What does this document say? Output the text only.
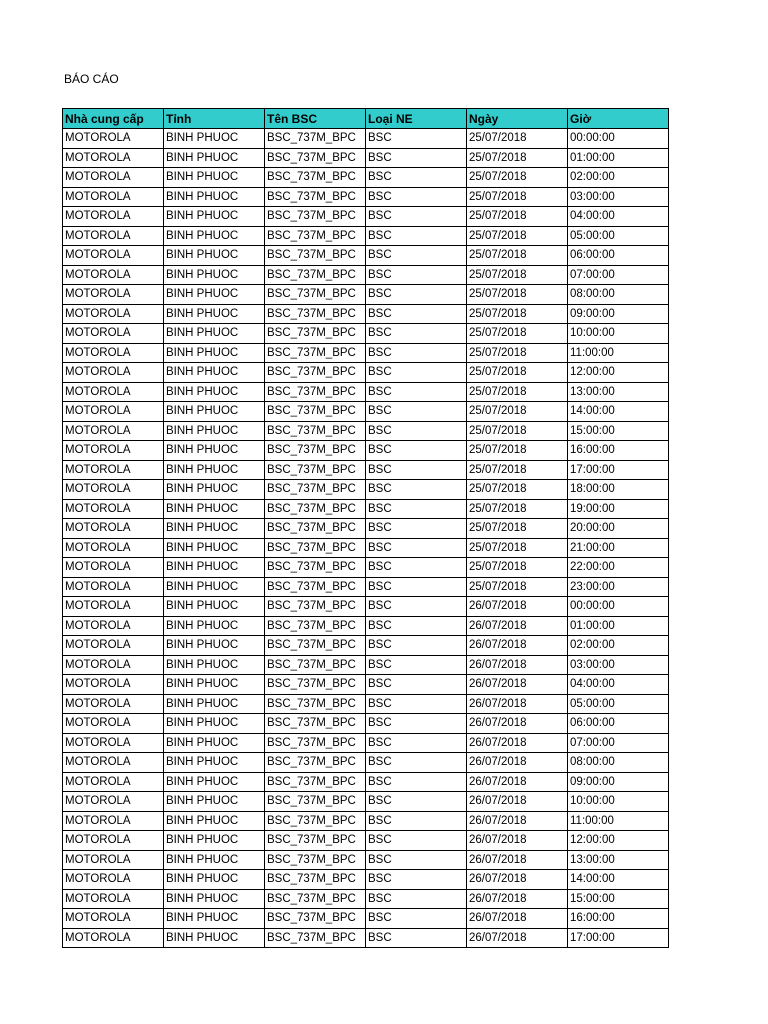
BÁO CÁO
Nhà cung cấp	Tỉnh	Tên BSC	Loại NE	Ngày	Giờ
MOTOROLA	BINH PHUOC	BSC_737M_BPC	BSC	25/07/2018	00:00:00
MOTOROLA	BINH PHUOC	BSC_737M_BPC	BSC	25/07/2018	01:00:00
MOTOROLA	BINH PHUOC	BSC_737M_BPC	BSC	25/07/2018	02:00:00
MOTOROLA	BINH PHUOC	BSC_737M_BPC	BSC	25/07/2018	03:00:00
MOTOROLA	BINH PHUOC	BSC_737M_BPC	BSC	25/07/2018	04:00:00
MOTOROLA	BINH PHUOC	BSC_737M_BPC	BSC	25/07/2018	05:00:00
MOTOROLA	BINH PHUOC	BSC_737M_BPC	BSC	25/07/2018	06:00:00
MOTOROLA	BINH PHUOC	BSC_737M_BPC	BSC	25/07/2018	07:00:00
MOTOROLA	BINH PHUOC	BSC_737M_BPC	BSC	25/07/2018	08:00:00
MOTOROLA	BINH PHUOC	BSC_737M_BPC	BSC	25/07/2018	09:00:00
MOTOROLA	BINH PHUOC	BSC_737M_BPC	BSC	25/07/2018	10:00:00
MOTOROLA	BINH PHUOC	BSC_737M_BPC	BSC	25/07/2018	11:00:00
MOTOROLA	BINH PHUOC	BSC_737M_BPC	BSC	25/07/2018	12:00:00
MOTOROLA	BINH PHUOC	BSC_737M_BPC	BSC	25/07/2018	13:00:00
MOTOROLA	BINH PHUOC	BSC_737M_BPC	BSC	25/07/2018	14:00:00
MOTOROLA	BINH PHUOC	BSC_737M_BPC	BSC	25/07/2018	15:00:00
MOTOROLA	BINH PHUOC	BSC_737M_BPC	BSC	25/07/2018	16:00:00
MOTOROLA	BINH PHUOC	BSC_737M_BPC	BSC	25/07/2018	17:00:00
MOTOROLA	BINH PHUOC	BSC_737M_BPC	BSC	25/07/2018	18:00:00
MOTOROLA	BINH PHUOC	BSC_737M_BPC	BSC	25/07/2018	19:00:00
MOTOROLA	BINH PHUOC	BSC_737M_BPC	BSC	25/07/2018	20:00:00
MOTOROLA	BINH PHUOC	BSC_737M_BPC	BSC	25/07/2018	21:00:00
MOTOROLA	BINH PHUOC	BSC_737M_BPC	BSC	25/07/2018	22:00:00
MOTOROLA	BINH PHUOC	BSC_737M_BPC	BSC	25/07/2018	23:00:00
MOTOROLA	BINH PHUOC	BSC_737M_BPC	BSC	26/07/2018	00:00:00
MOTOROLA	BINH PHUOC	BSC_737M_BPC	BSC	26/07/2018	01:00:00
MOTOROLA	BINH PHUOC	BSC_737M_BPC	BSC	26/07/2018	02:00:00
MOTOROLA	BINH PHUOC	BSC_737M_BPC	BSC	26/07/2018	03:00:00
MOTOROLA	BINH PHUOC	BSC_737M_BPC	BSC	26/07/2018	04:00:00
MOTOROLA	BINH PHUOC	BSC_737M_BPC	BSC	26/07/2018	05:00:00
MOTOROLA	BINH PHUOC	BSC_737M_BPC	BSC	26/07/2018	06:00:00
MOTOROLA	BINH PHUOC	BSC_737M_BPC	BSC	26/07/2018	07:00:00
MOTOROLA	BINH PHUOC	BSC_737M_BPC	BSC	26/07/2018	08:00:00
MOTOROLA	BINH PHUOC	BSC_737M_BPC	BSC	26/07/2018	09:00:00
MOTOROLA	BINH PHUOC	BSC_737M_BPC	BSC	26/07/2018	10:00:00
MOTOROLA	BINH PHUOC	BSC_737M_BPC	BSC	26/07/2018	11:00:00
MOTOROLA	BINH PHUOC	BSC_737M_BPC	BSC	26/07/2018	12:00:00
MOTOROLA	BINH PHUOC	BSC_737M_BPC	BSC	26/07/2018	13:00:00
MOTOROLA	BINH PHUOC	BSC_737M_BPC	BSC	26/07/2018	14:00:00
MOTOROLA	BINH PHUOC	BSC_737M_BPC	BSC	26/07/2018	15:00:00
MOTOROLA	BINH PHUOC	BSC_737M_BPC	BSC	26/07/2018	16:00:00
MOTOROLA	BINH PHUOC	BSC_737M_BPC	BSC	26/07/2018	17:00:00
